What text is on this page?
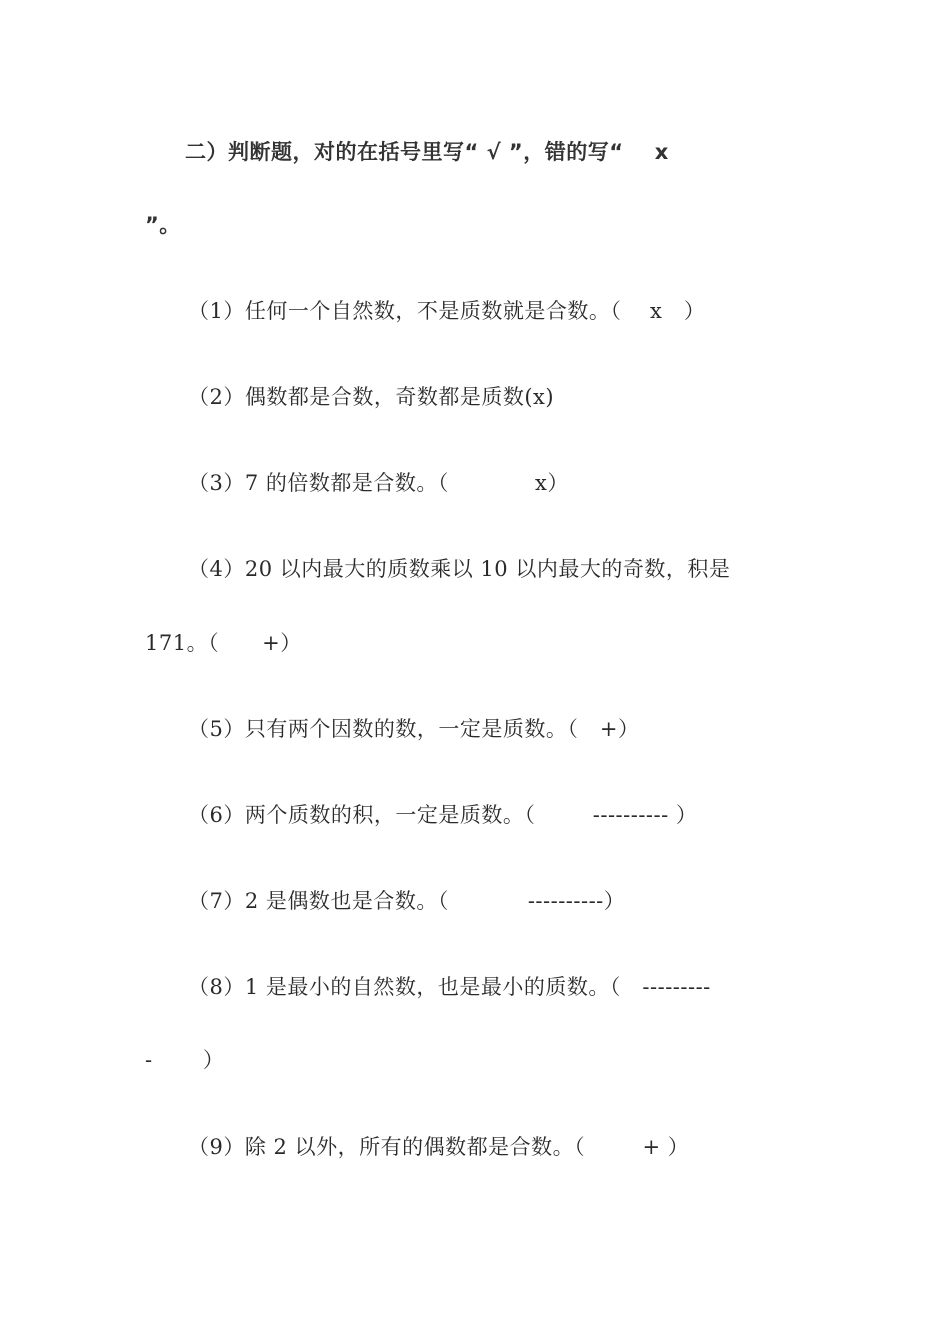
二）判断题，对的在括号里写“ √ ”，错的写“    x
”。
（1）任何一个自然数，不是质数就是合数。（    x   ）
（2）偶数都是合数，奇数都是质数(x)
（3）7 的倍数都是合数。（            x）
（4）20 以内最大的质数乘以 10 以内最大的奇数，积是
171。（      +）
（5）只有两个因数的数，一定是质数。（   +）
（6）两个质数的积，一定是质数。（        ---------- ）
（7）2 是偶数也是合数。（           ----------）
（8）1 是最小的自然数，也是最小的质数。（   ---------
-       ）
（9）除 2 以外，所有的偶数都是合数。（        + ）
